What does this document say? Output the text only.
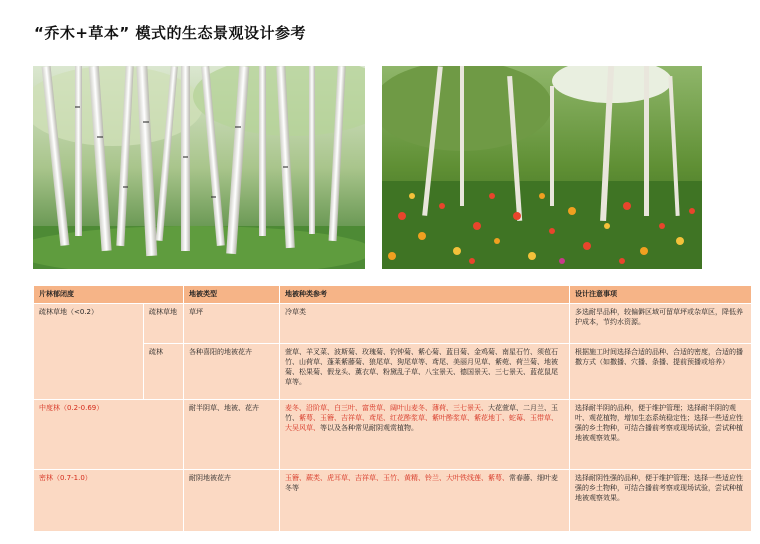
“乔木+草本” 模式的生态景观设计参考
片林郁闭度		地被类型	地被种类参考	设计注意事项
疏林草地（<0.2）	疏林草地	草坪	冷草类	多选耐旱品种，较偏僻区域可留草坪或杂草区，降低养护成本，节约水资源。
	疏林	各种喜阳的地被花卉	萱草、羊叉菜、波斯菊、玫瑰菊、钓钟菊、紫心菊、蓝目菊、金鸡菊、南星石竹、须苞石竹、山荷草、蓬莱紫藤菊、狼尾草、狗尾草等、鸢尾、美丽月见草、紫菀、荷兰菊、地被菊、松果菊、假龙头、薰衣草、粉黛乱子草、八宝景天、德国景天、三七景天、蓝花鼠尾草等。	根据施工时间选择合适的品种、合适的密度，合适的播撒方式（如撒播、穴播、条播、提前预播或培养）
中度林（0.2-0.69）		耐半阴草、地被、花卉	麦冬、沿阶草、白三叶、富贵草、阔叶山麦冬、薄荷、三七景天、大花萱草、二月兰、玉竹、紫萼、玉簪、吉祥草、鸢尾、红花酢浆草、紫叶酢浆草、紫花地丁、蛇莓、玉带草、大吴风草、等以及各种常见耐阴观赏植物。	选择耐半阴的品种，便于维护管理；选择耐半阴的观叶、观花植物，增加生态系统稳定性；选择一些适应性强的乡土物种，可结合播前考察或现场试验，尝试种植地被观察效果。
密林（0.7-1.0）		耐阴地被花卉	玉簪、蕨类、虎耳草、吉祥草、玉竹、黄精、铃兰、大叶铁线莲、紫萼、常春藤、细叶麦冬等	选择耐阴性强的品种，便于维护管理；选择一些适应性强的乡土物种，可结合播前考察或现场试验，尝试种植地被观察效果。
